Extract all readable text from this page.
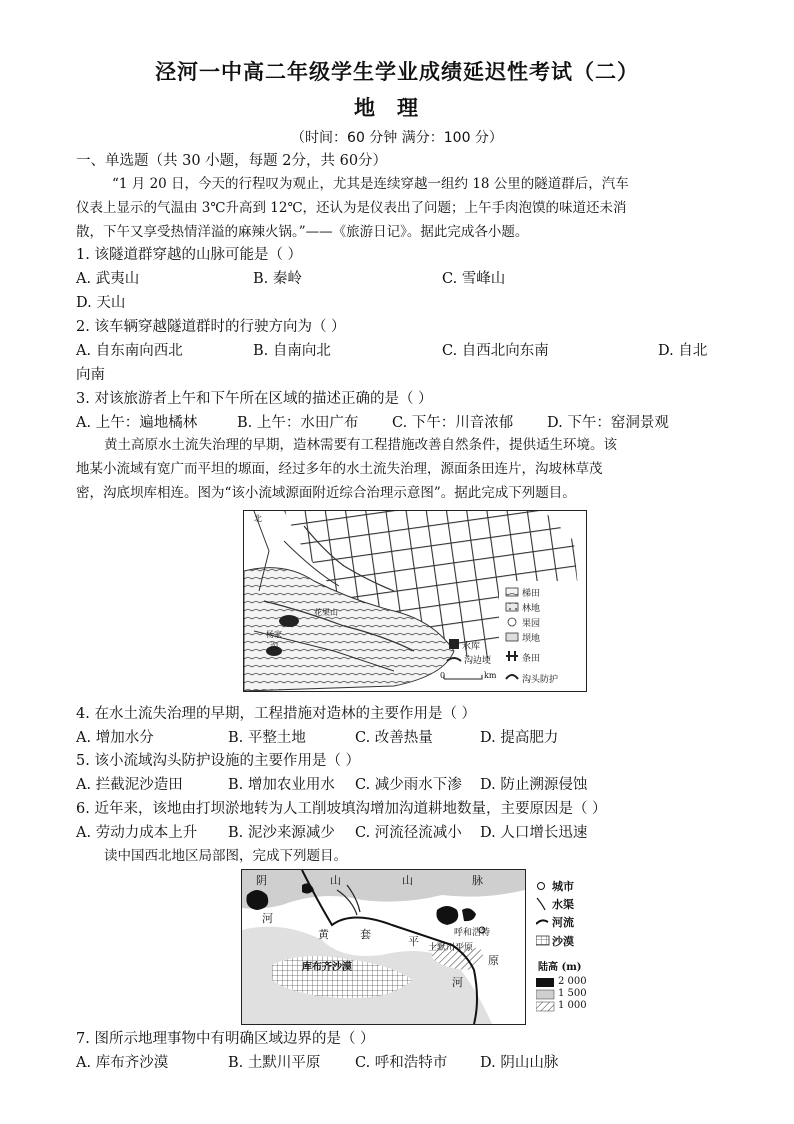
泾河一中高二年级学生学业成绩延迟性考试（二）
地理
（时间：60 分钟 满分：100 分）
一、单选题（共 30 小题，每题 2分，共 60分）
“1 月 20 日，今天的行程叹为观止，尤其是连续穿越一组约 18 公里的隧道群后，汽车
仪表上显示的气温由 3℃升高到 12℃，还认为是仪表出了问题；上午手肉泡馍的味道还未消
散，下午又享受热情洋溢的麻辣火锅。”——《旅游日记》。据此完成各小题。
1. 该隧道群穿越的山脉可能是（ ）
A. 武夷山	B. 秦岭	C. 雪峰山
D. 天山
2. 该车辆穿越隧道群时的行驶方向为（ ）
A. 自东南向西北	B. 自南向北	C. 自西北向东南	D. 自北
向南
3. 对该旅游者上午和下午所在区域的描述正确的是（ ）
A. 上午：遍地橘林	B. 上午：水田广布 C. 下午：川音浓郁 D. 下午：窑洞景观
黄土高原水土流失治理的早期，造林需要有工程措施改善自然条件，提供适生环境。该
地某小流域有宽广而平坦的塬面，经过多年的水土流失治理，源面条田连片，沟坡林草茂
密，沟底坝库相连。图为“该小流域源面附近综合治理示意图”。据此完成下列题目。
北
花果山
杨家
沟
0	km
梯田
林地
果园
坝地
水库
条田
沟边埂
沟头防护
4. 在水土流失治理的早期，工程措施对造林的主要作用是（ ）
A. 增加水分	B. 平整土地	C. 改善热量	D. 提高肥力
5. 该小流域沟头防护设施的主要作用是（ ）
A. 拦截泥沙造田	B. 增加农业用水 C. 减少雨水下渗 D. 防止溯源侵蚀
6. 近年来，该地由打坝淤地转为人工削坡填沟增加沟道耕地数量，主要原因是（ ）
A. 劳动力成本上升 B. 泥沙来源减少 C. 河流径流减小 D. 人口增长迅速
读中国西北地区局部图，完成下列题目。
阴	山	山	脉
河
黄	套
平
原
河
库布齐沙漠
土默川平原
呼和浩特
城市
水渠
河流
沙漠
陆高 (m)
2 000
1 500
1 000
7. 图所示地理事物中有明确区域边界的是（ ）
A. 库布齐沙漠	B. 土默川平原 C. 呼和浩特市 D. 阴山山脉
